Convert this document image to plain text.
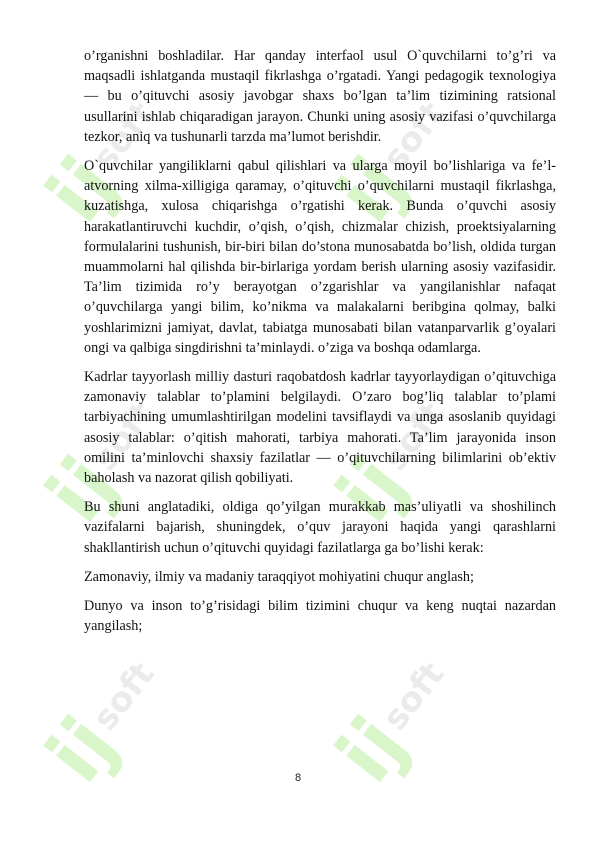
ijsoft
ijsoft
ijsoft
ijsoft
ijsoft
ijsoft

o’rganishni boshladilar. Har qanday interfaol usul O`quvchilarni to’g’ri va maqsadli ishlatganda mustaqil fikrlashga o’rgatadi. Yangi pedagogik texnologiya — bu o’qituvchi asosiy javobgar shaxs bo’lgan ta’lim tizimining ratsional usullarini ishlab chiqaradigan jarayon. Chunki uning asosiy vazifasi o’quvchilarga tezkor, aniq va tushunarli tarzda ma’lumot berishdir.

O`quvchilar yangiliklarni qabul qilishlari va ularga moyil bo’lishlariga va fe’l-atvorning xilma-xilligiga qaramay, o’qituvchi o’quvchilarni mustaqil fikrlashga, kuzatishga, xulosa chiqarishga o’rgatishi kerak. Bunda o’quvchi asosiy harakatlantiruvchi kuchdir, o’qish, o’qish, chizmalar chizish, proektsiyalarning formulalarini tushunish, bir-biri bilan do’stona munosabatda bo’lish, oldida turgan muammolarni hal qilishda bir-birlariga yordam berish ularning asosiy vazifasidir. Ta’lim tizimida ro’y berayotgan o’zgarishlar va yangilanishlar nafaqat o’quvchilarga yangi bilim, ko’nikma va malakalarni beribgina qolmay, balki yoshlarimizni jamiyat, davlat, tabiatga munosabati bilan vatanparvarlik g’oyalari ongi va qalbiga singdirishni ta’minlaydi. o’ziga va boshqa odamlarga.

Kadrlar tayyorlash milliy dasturi raqobatdosh kadrlar tayyorlaydigan o’qituvchiga zamonaviy talablar to’plamini belgilaydi. O’zaro bog’liq talablar to’plami tarbiyachining umumlashtirilgan modelini tavsiflaydi va unga asoslanib quyidagi asosiy talablar: o’qitish mahorati, tarbiya mahorati. Ta’lim jarayonida inson omilini ta’minlovchi shaxsiy fazilatlar — o’qituvchilarning bilimlarini ob’ektiv baholash va nazorat qilish qobiliyati.

Bu shuni anglatadiki, oldiga qo’yilgan murakkab mas’uliyatli va shoshilinch vazifalarni bajarish, shuningdek, o’quv jarayoni haqida yangi qarashlarni shakllantirish uchun o’qituvchi quyidagi fazilatlarga ga bo’lishi kerak:

Zamonaviy, ilmiy va madaniy taraqqiyot mohiyatini chuqur anglash;

Dunyo va inson to’g’risidagi bilim tizimini chuqur va keng nuqtai nazardan yangilash;

8
